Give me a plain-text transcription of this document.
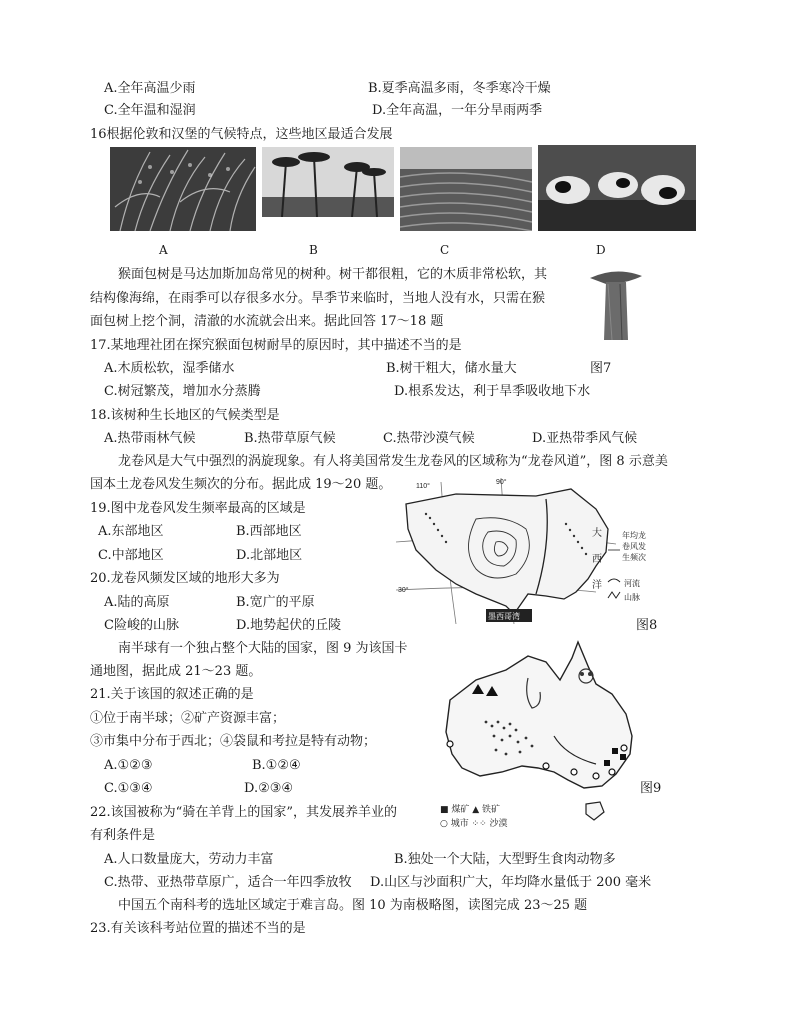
A.全年高温少雨	B.夏季高温多雨，冬季寒冷干燥
C.全年温和湿润	D.全年高温，一年分旱雨两季
16根据伦敦和汉堡的气候特点，这些地区最适合发展
A	B	C	D
猴面包树是马达加斯加岛常见的树种。树干都很粗，它的木质非常松软，其
结构像海绵，在雨季可以存很多水分。旱季节来临时，当地人没有水，只需在猴
面包树上挖个洞，清澈的水流就会出来。据此回答 17～18 题
17.某地理社团在探究猴面包树耐旱的原因时，其中描述不当的是
A.木质松软，湿季储水	B.树干粗大，储水量大	图7
C.树冠繁茂，增加水分蒸腾	D.根系发达，利于旱季吸收地下水
18.该树种生长地区的气候类型是
A.热带雨林气候	B.热带草原气候	C.热带沙漠气候	D.亚热带季风气候
龙卷风是大气中强烈的涡旋现象。有人将美国常发生龙卷风的区域称为“龙卷风道”，图 8 示意美
国本土龙卷风发生频次的分布。据此成 19～20 题。	110°
90°
30°
墨西哥湾
大
西
洋
年均龙
卷风发
生频次
河流
山脉
图8
19.图中龙卷风发生频率最高的区域是
A.东部地区	B.西部地区
C.中部地区	D.北部地区
20.龙卷风频发区域的地形大多为
A.陆的高原	B.宽广的平原
C险峻的山脉	D.地势起伏的丘陵
南半球有一个独占整个大陆的国家，图 9 为该国卡
通地图，据此成 21～23 题。
■ 煤矿 ▲ 铁矿
○ 城市 ⁘⁘ 沙漠
图9
21.关于该国的叙述正确的是
①位于南半球；②矿产资源丰富；
③市集中分布于西北；④袋鼠和考拉是特有动物；
A.①②③	B.①②④
C.①③④	D.②③④
22.该国被称为“骑在羊背上的国家”，其发展养羊业的
有利条件是
A.人口数量庞大，劳动力丰富	B.独处一个大陆，大型野生食肉动物多
C.热带、亚热带草原广，适合一年四季放牧 D.山区与沙面积广大，年均降水量低于 200 毫米
中国五个南科考的选址区域定于难言岛。图 10 为南极略图，读图完成 23～25 题
23.有关该科考站位置的描述不当的是
